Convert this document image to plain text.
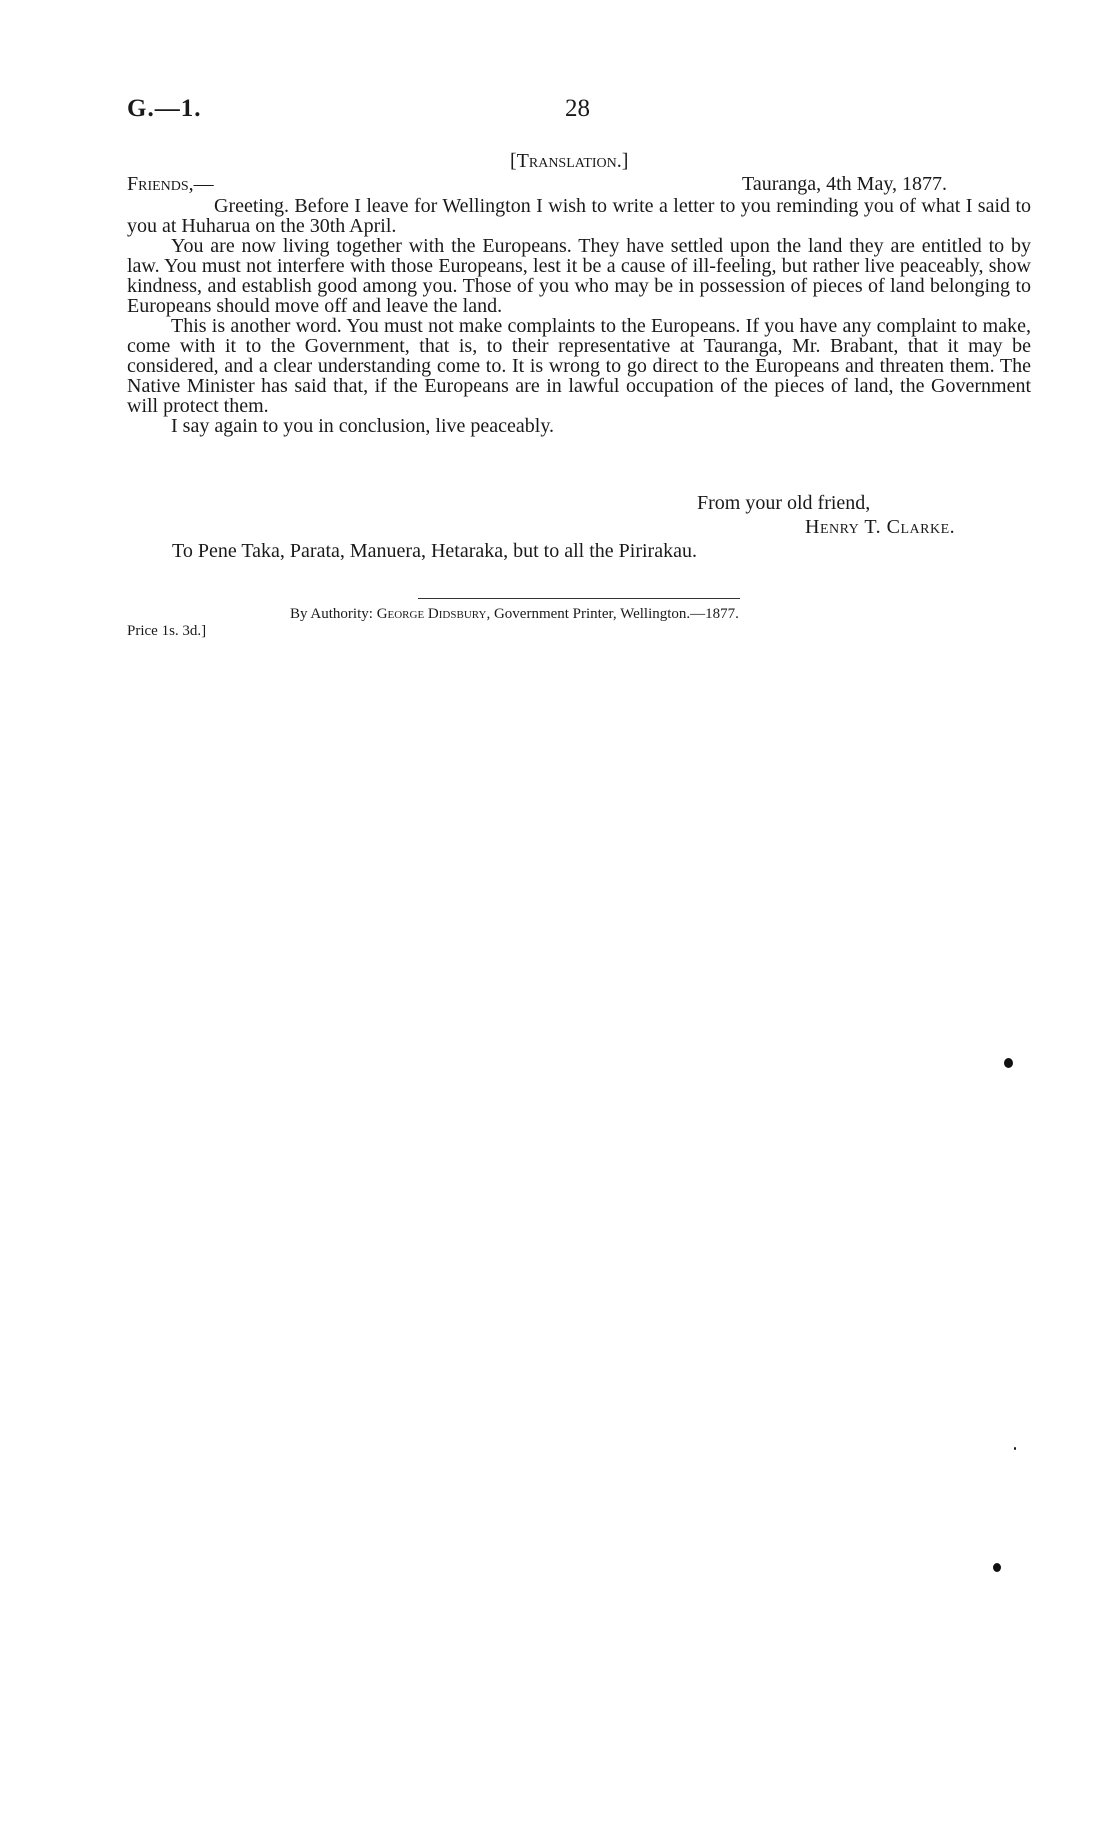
G.—1.	28
[Translation.]
Friends,—	Tauranga, 4th May, 1877.

Greeting. Before I leave for Wellington I wish to write a letter to you reminding you of what I said to you at Huharua on the 30th April.

You are now living together with the Europeans. They have settled upon the land they are entitled to by law. You must not interfere with those Europeans, lest it be a cause of ill-feeling, but rather live peaceably, show kindness, and establish good among you. Those of you who may be in possession of pieces of land belonging to Europeans should move off and leave the land.

This is another word. You must not make complaints to the Europeans. If you have any complaint to make, come with it to the Government, that is, to their representative at Tauranga, Mr. Brabant, that it may be considered, and a clear understanding come to. It is wrong to go direct to the Europeans and threaten them. The Native Minister has said that, if the Europeans are in lawful occupation of the pieces of land, the Government will protect them.

I say again to you in conclusion, live peaceably.

From your old friend,
Henry T. Clarke.
To Pene Taka, Parata, Manuera, Hetaraka, but to all the Pirirakau.
By Authority: George Didsbury, Government Printer, Wellington.—1877.
Price 1s. 3d.]
